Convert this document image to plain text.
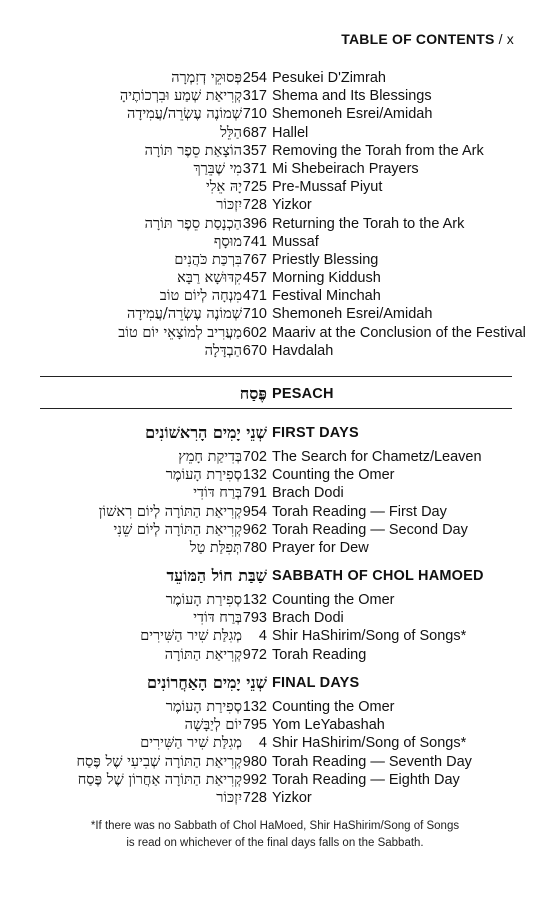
TABLE OF CONTENTS / x
פְּסוּקֵי דְזִמְרָה 254 Pesukei D'Zimrah
קְרִיאַת שְׁמַע וּבִרְכוֹתֶיהָ 317 Shema and Its Blessings
שְׁמוֹנֶה עֶשְׂרֵה/עֲמִידָה 710 Shemoneh Esrei/Amidah
הַלֵּל 687 Hallel
הוֹצָאַת סֵפֶר תּוֹרָה 357 Removing the Torah from the Ark
מִי שֶׁבֵּרַךְ 371 Mi Shebeirach Prayers
יָהּ אֵלִי 725 Pre-Mussaf Piyut
יִזְכּוֹר 728 Yizkor
הַכְנָסַת סֵפֶר תּוֹרָה 396 Returning the Torah to the Ark
מוּסָף 741 Mussaf
בִּרְכַּת כֹּהֲנִים 767 Priestly Blessing
קִדּוּשָׁא רַבָּא 457 Morning Kiddush
מִנְחָה לְיוֹם טוֹב 471 Festival Minchah
שְׁמוֹנֶה עֶשְׂרֵה/עֲמִידָה 710 Shemoneh Esrei/Amidah
מַעֲרִיב לְמוֹצָאֵי יוֹם טוֹב 602 Maariv at the Conclusion of the Festival
הַבְדָּלָה 670 Havdalah
פֶּסַח PESACH
שְׁנֵי יָמִים הָרִאשׁוֹנִים FIRST DAYS
בְּדִיקַת חָמֵץ 702 The Search for Chametz/Leaven
סְפִירַת הָעוֹמֶר 132 Counting the Omer
בְּרַח דּוֹדִי 791 Brach Dodi
קְרִיאַת הַתּוֹרָה לְיוֹם רִאשׁוֹן 954 Torah Reading — First Day
קְרִיאַת הַתּוֹרָה לְיוֹם שֵׁנִי 962 Torah Reading — Second Day
תְּפִלַּת טַל 780 Prayer for Dew
שַׁבַּת חוֹל הַמּוֹעֵד SABBATH OF CHOL HAMOED
סְפִירַת הָעוֹמֶר 132 Counting the Omer
בְּרַח דּוֹדִי 793 Brach Dodi
מְגִלַּת שִׁיר הַשִּׁירִים	4 Shir HaShirim/Song of Songs*
קְרִיאַת הַתּוֹרָה 972 Torah Reading
שְׁנֵי יָמִים הָאַחֲרוֹנִים FINAL DAYS
סְפִירַת הָעוֹמֶר 132 Counting the Omer
יוֹם לְיַבָּשָׁה 795 Yom LeYabashah
מְגִלַּת שִׁיר הַשִּׁירִים	4 Shir HaShirim/Song of Songs*
קְרִיאַת הַתּוֹרָה שְׁבִיעִי שֶׁל פֶּסַח 980 Torah Reading — Seventh Day
קְרִיאַת הַתּוֹרָה אַחֲרוֹן שֶׁל פֶּסַח 992 Torah Reading — Eighth Day
יִזְכּוֹר 728 Yizkor
*If there was no Sabbath of Chol HaMoed, Shir HaShirim/Song of Songs
is read on whichever of the final days falls on the Sabbath.
